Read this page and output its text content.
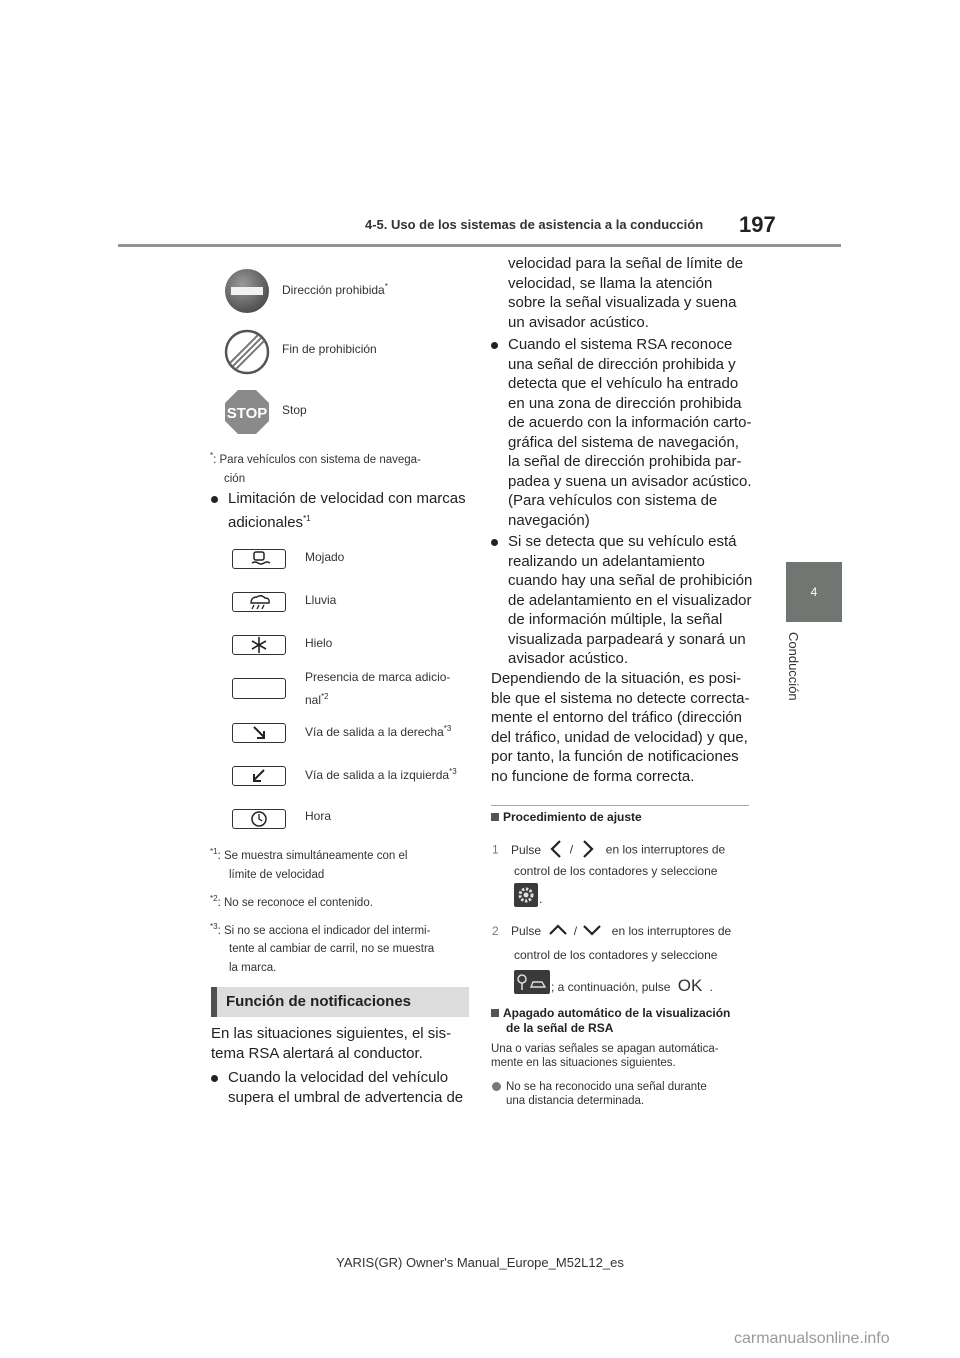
4-5. Uso de los sistemas de asistencia a la conducción 197
4
Conducción
Dirección prohibida*
Fin de prohibición
STOP Stop
*: Para vehículos con sistema de navega-
ción
Limitación de velocidad con marcas
adicionales$^{*1}$
Mojado
Lluvia
Hielo
Presencia de marca adicio-
nal$^{*2}$
Vía de salida a la derecha$^{*3}$
Vía de salida a la izquierda$^{*3}$
Hora
$^{*1}$: Se muestra simultáneamente con el
límite de velocidad
$^{*2}$: No se reconoce el contenido.
$^{*3}$: Si no se acciona el indicador del intermi-
tente al cambiar de carril, no se muestra
la marca.
Función de notificaciones
En las situaciones siguientes, el sis-
tema RSA alertará al conductor.
Cuando la velocidad del vehículo
supera el umbral de advertencia de
velocidad para la señal de límite de
velocidad, se llama la atención
sobre la señal visualizada y suena
un avisador acústico.
Cuando el sistema RSA reconoce
una señal de dirección prohibida y
detecta que el vehículo ha entrado
en una zona de dirección prohibida
de acuerdo con la información carto-
gráfica del sistema de navegación,
la señal de dirección prohibida par-
padea y suena un avisador acústico.
(Para vehículos con sistema de
navegación)
Si se detecta que su vehículo está
realizando un adelantamiento
cuando hay una señal de prohibición
de adelantamiento en el visualizador
de información múltiple, la señal
visualizada parpadeará y sonará un
avisador acústico.
Dependiendo de la situación, es posi-
ble que el sistema no detecte correcta-
mente el entorno del tráfico (dirección
del tráfico, unidad de velocidad) y que,
por tanto, la función de notificaciones
no funcione de forma correcta.
Procedimiento de ajuste
1 Pulse /	en los interruptores de
control de los contadores y seleccione
.
2 Pulse	/	en los interruptores de
control de los contadores y seleccione
; a continuación, pulse OK .
Apagado automático de la visualización
de la señal de RSA
Una o varias señales se apagan automática-
mente en las situaciones siguientes.
No se ha reconocido una señal durante
una distancia determinada.
YARIS(GR) Owner's Manual_Europe_M52L12_es
carmanualsonline.info
